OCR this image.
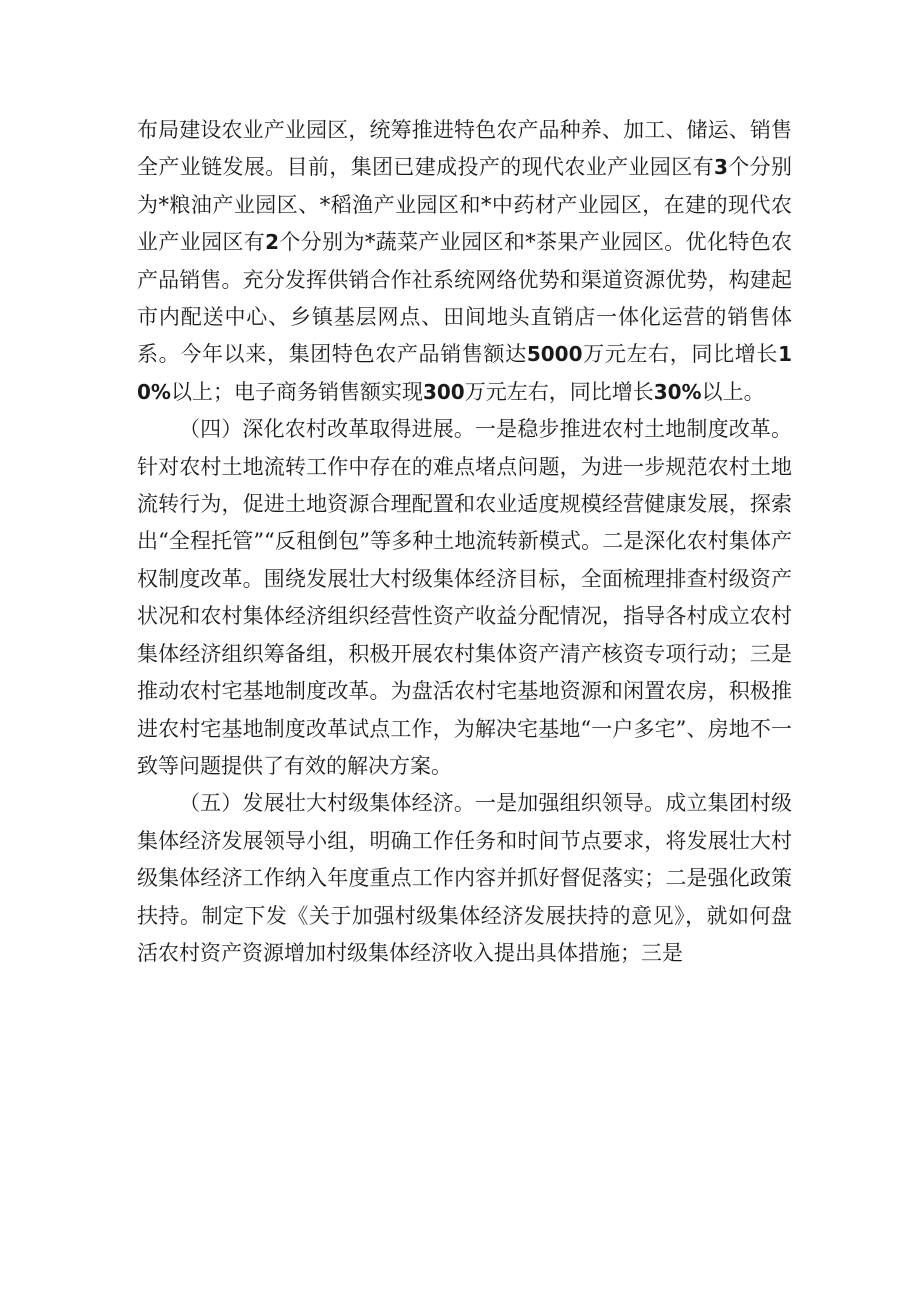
布局建设农业产业园区，统筹推进特色农产品种养、加工、储运、销售全产业链发展。目前，集团已建成投产的现代农业产业园区有3个分别为*粮油产业园区、*稻渔产业园区和*中药材产业园区，在建的现代农业产业园区有2个分别为*蔬菜产业园区和*茶果产业园区。优化特色农产品销售。充分发挥供销合作社系统网络优势和渠道资源优势，构建起市内配送中心、乡镇基层网点、田间地头直销店一体化运营的销售体系。今年以来，集团特色农产品销售额达5000万元左右，同比增长10%以上；电子商务销售额实现300万元左右，同比增长30%以上。

（四）深化农村改革取得进展。一是稳步推进农村土地制度改革。针对农村土地流转工作中存在的难点堵点问题，为进一步规范农村土地流转行为，促进土地资源合理配置和农业适度规模经营健康发展，探索出“全程托管”“反租倒包”等多种土地流转新模式。二是深化农村集体产权制度改革。围绕发展壮大村级集体经济目标，全面梳理排查村级资产状况和农村集体经济组织经营性资产收益分配情况，指导各村成立农村集体经济组织筹备组，积极开展农村集体资产清产核资专项行动；三是推动农村宅基地制度改革。为盘活农村宅基地资源和闲置农房，积极推进农村宅基地制度改革试点工作，为解决宅基地“一户多宅”、房地不一致等问题提供了有效的解决方案。

（五）发展壮大村级集体经济。一是加强组织领导。成立集团村级集体经济发展领导小组，明确工作任务和时间节点要求，将发展壮大村级集体经济工作纳入年度重点工作内容并抓好督促落实；二是强化政策扶持。制定下发《关于加强村级集体经济发展扶持的意见》，就如何盘活农村资产资源增加村级集体经济收入提出具体措施；三是
